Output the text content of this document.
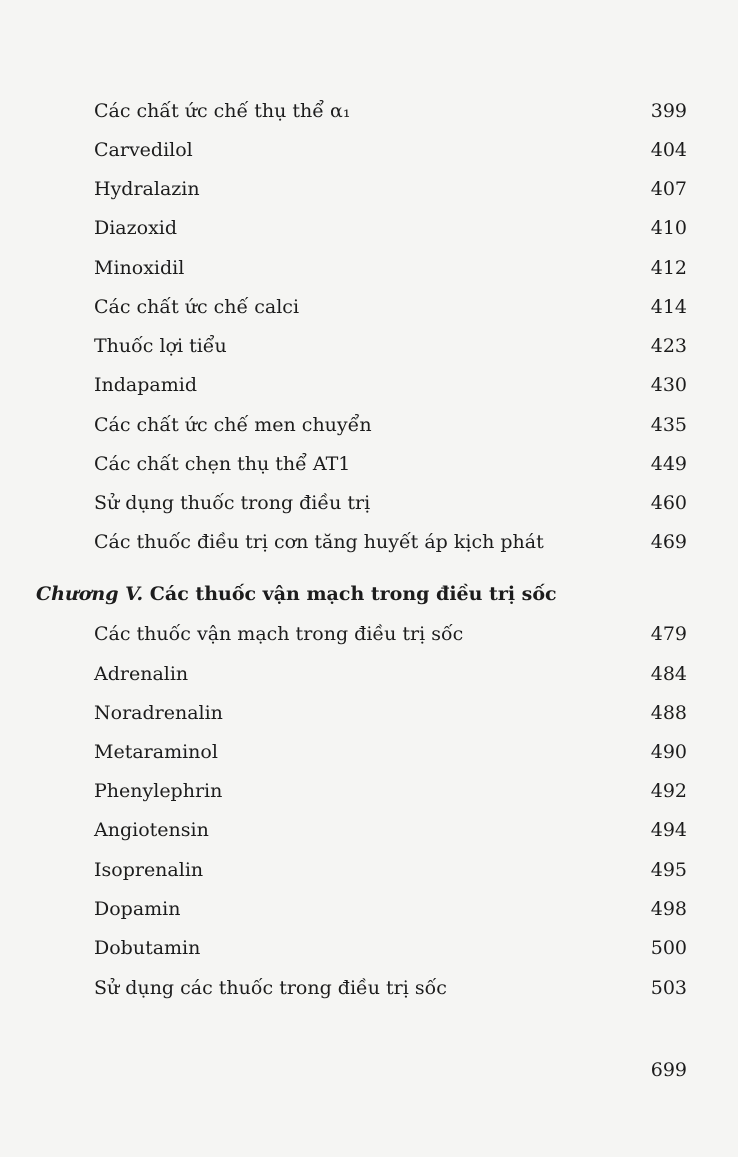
Các chất ức chế thụ thể α₁	399
Carvedilol	404
Hydralazin	407
Diazoxid	410
Minoxidil	412
Các chất ức chế calci	414
Thuốc lợi tiểu	423
Indapamid	430
Các chất ức chế men chuyển	435
Các chất chẹn thụ thể AT1	449
Sử dụng thuốc trong điều trị	460
Các thuốc điều trị cơn tăng huyết áp kịch phát	469
Chương V. Các thuốc vận mạch trong điều trị sốc
Các thuốc vận mạch trong điều trị sốc	479
Adrenalin	484
Noradrenalin	488
Metaraminol	490
Phenylephrin	492
Angiotensin	494
Isoprenalin	495
Dopamin	498
Dobutamin	500
Sử dụng các thuốc trong điều trị sốc	503
699
